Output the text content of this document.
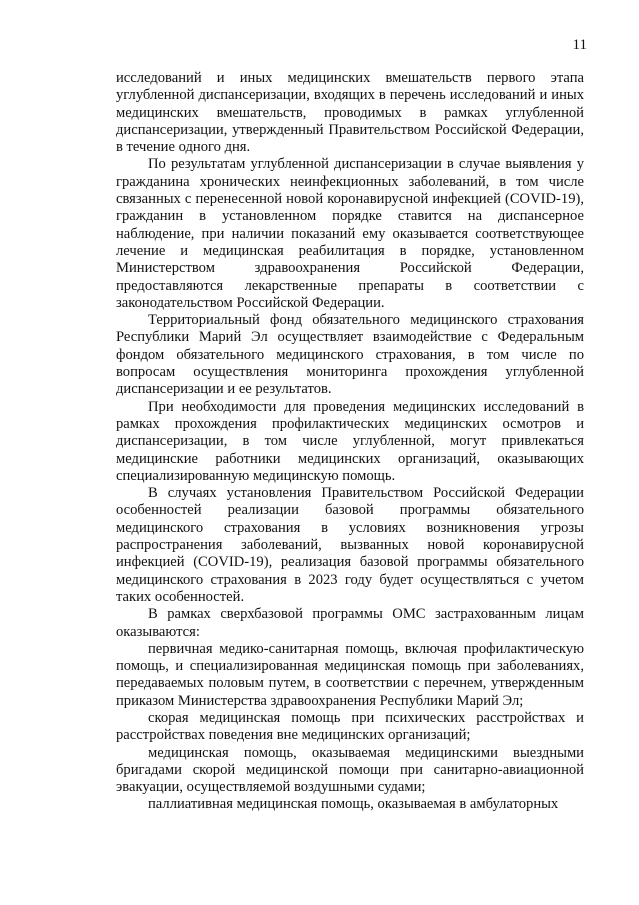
11

исследований и иных медицинских вмешательств первого этапа углубленной диспансеризации, входящих в перечень исследований и иных медицинских вмешательств, проводимых в рамках углубленной диспансеризации, утвержденный Правительством Российской Федерации, в течение одного дня.

По результатам углубленной диспансеризации в случае выявления у гражданина хронических неинфекционных заболеваний, в том числе связанных с перенесенной новой коронавирусной инфекцией (COVID-19), гражданин в установленном порядке ставится на диспансерное наблюдение, при наличии показаний ему оказывается соответствующее лечение и медицинская реабилитация в порядке, установленном Министерством здравоохранения Российской Федерации, предоставляются лекарственные препараты в соответствии с законодательством Российской Федерации.

Территориальный фонд обязательного медицинского страхования Республики Марий Эл осуществляет взаимодействие с Федеральным фондом обязательного медицинского страхования, в том числе по вопросам осуществления мониторинга прохождения углубленной диспансеризации и ее результатов.

При необходимости для проведения медицинских исследований в рамках прохождения профилактических медицинских осмотров и диспансеризации, в том числе углубленной, могут привлекаться медицинские работники медицинских организаций, оказывающих специализированную медицинскую помощь.

В случаях установления Правительством Российской Федерации особенностей реализации базовой программы обязательного медицинского страхования в условиях возникновения угрозы распространения заболеваний, вызванных новой коронавирусной инфекцией (COVID-19), реализация базовой программы обязательного медицинского страхования в 2023 году будет осуществляться с учетом таких особенностей.

В рамках сверхбазовой программы ОМС застрахованным лицам оказываются:

первичная медико-санитарная помощь, включая профилактическую помощь, и специализированная медицинская помощь при заболеваниях, передаваемых половым путем, в соответствии с перечнем, утвержденным приказом Министерства здравоохранения Республики Марий Эл;

скорая медицинская помощь при психических расстройствах и расстройствах поведения вне медицинских организаций;

медицинская помощь, оказываемая медицинскими выездными бригадами скорой медицинской помощи при санитарно-авиационной эвакуации, осуществляемой воздушными судами;

паллиативная медицинская помощь, оказываемая в амбулаторных
